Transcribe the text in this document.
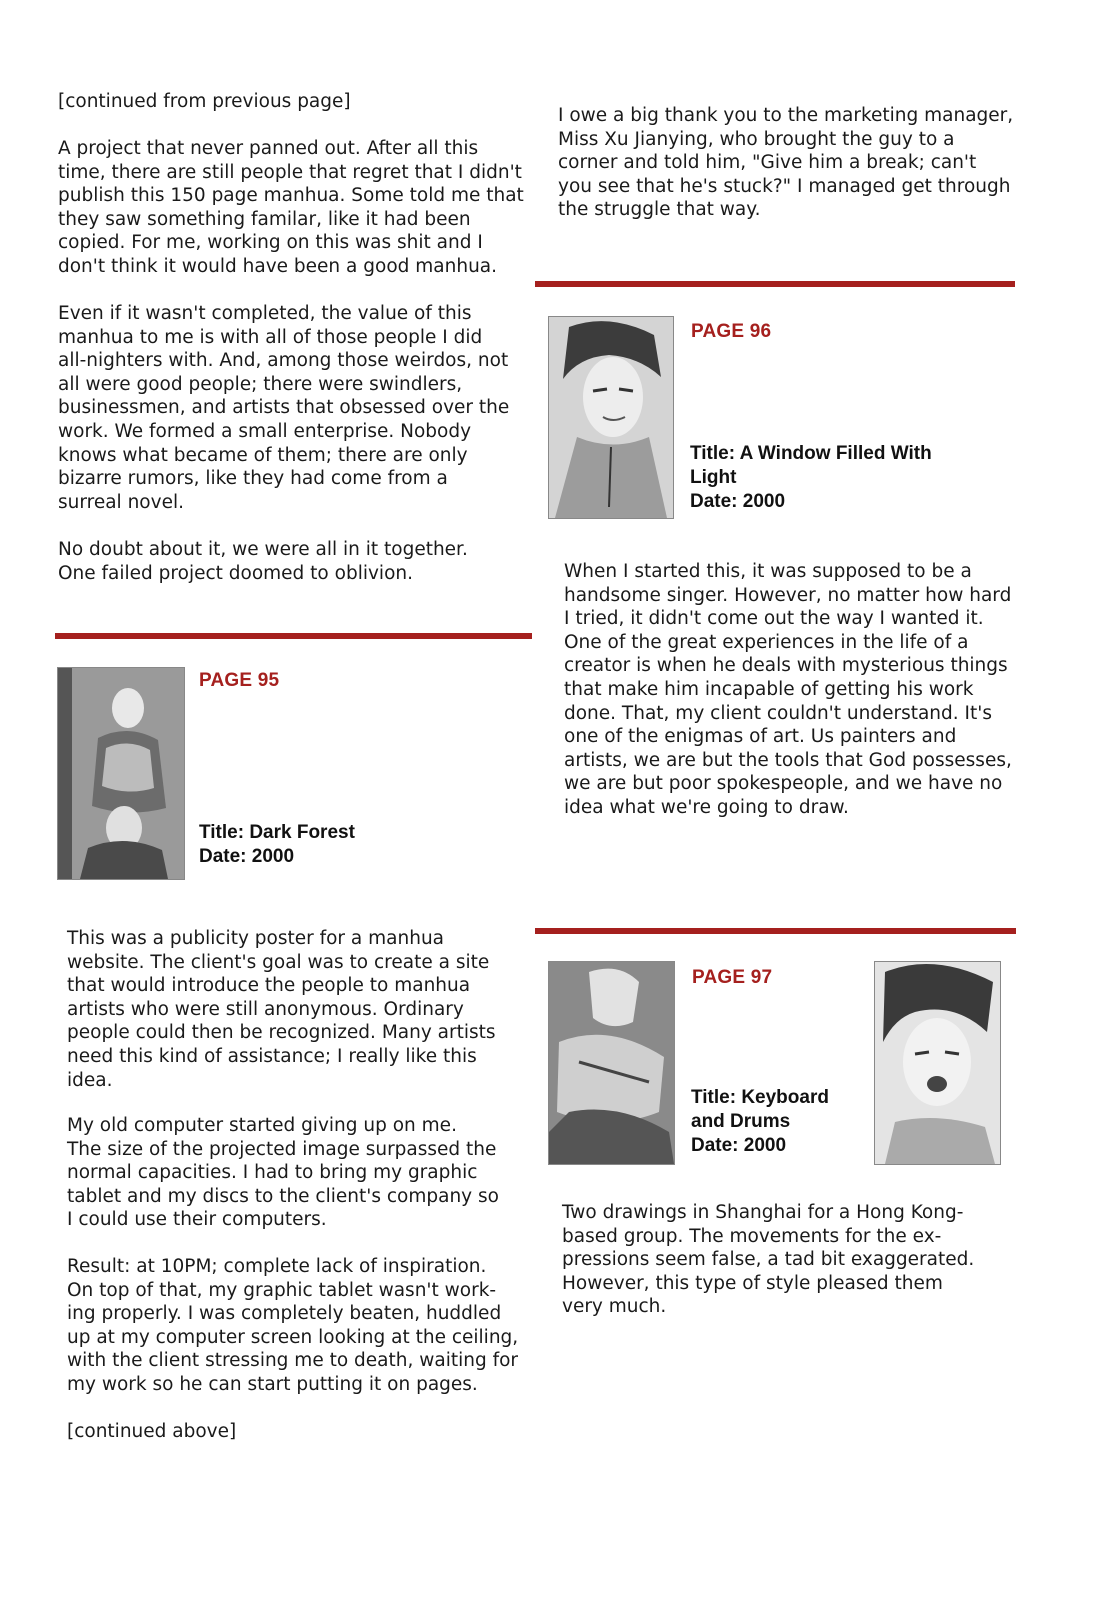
[continued from previous page]

A project that never panned out. After all this
time, there are still people that regret that I didn't
publish this 150 page manhua. Some told me that
they saw something familar, like it had been
copied. For me, working on this was shit and I
don't think it would have been a good manhua.

Even if it wasn't completed, the value of this
manhua to me is with all of those people I did
all-nighters with. And, among those weirdos, not
all were good people; there were swindlers,
businessmen, and artists that obsessed over the
work. We formed a small enterprise. Nobody
knows what became of them; there are only
bizarre rumors, like they had come from a
surreal novel.

No doubt about it, we were all in it together.
One failed project doomed to oblivion.

PAGE 95
Title: Dark Forest
Date: 2000

This was a publicity poster for a manhua
website. The client's goal was to create a site
that would introduce the people to manhua
artists who were still anonymous. Ordinary
people could then be recognized. Many artists
need this kind of assistance; I really like this
idea.

My old computer started giving up on me.
The size of the projected image surpassed the
normal capacities. I had to bring my graphic
tablet and my discs to the client's company so
I could use their computers.

Result: at 10PM; complete lack of inspiration.
On top of that, my graphic tablet wasn't work-
ing properly. I was completely beaten, huddled
up at my computer screen looking at the ceiling,
with the client stressing me to death, waiting for
my work so he can start putting it on pages.

[continued above]

I owe a big thank you to the marketing manager,
Miss Xu Jianying, who brought the guy to a
corner and told him, "Give him a break; can't
you see that he's stuck?" I managed get through
the struggle that way.

PAGE 96
Title: A Window Filled With
Light
Date: 2000

When I started this, it was supposed to be a
handsome singer. However, no matter how hard
I tried, it didn't come out the way I wanted it.
One of the great experiences in the life of a
creator is when he deals with mysterious things
that make him incapable of getting his work
done. That, my client couldn't understand. It's
one of the enigmas of art. Us painters and
artists, we are but the tools that God possesses,
we are but poor spokespeople, and we have no
idea what we're going to draw.

PAGE 97
Title: Keyboard
and Drums
Date: 2000

Two drawings in Shanghai for a Hong Kong-
based group. The movements for the ex-
pressions seem false, a tad bit exaggerated.
However, this type of style pleased them
very much.
